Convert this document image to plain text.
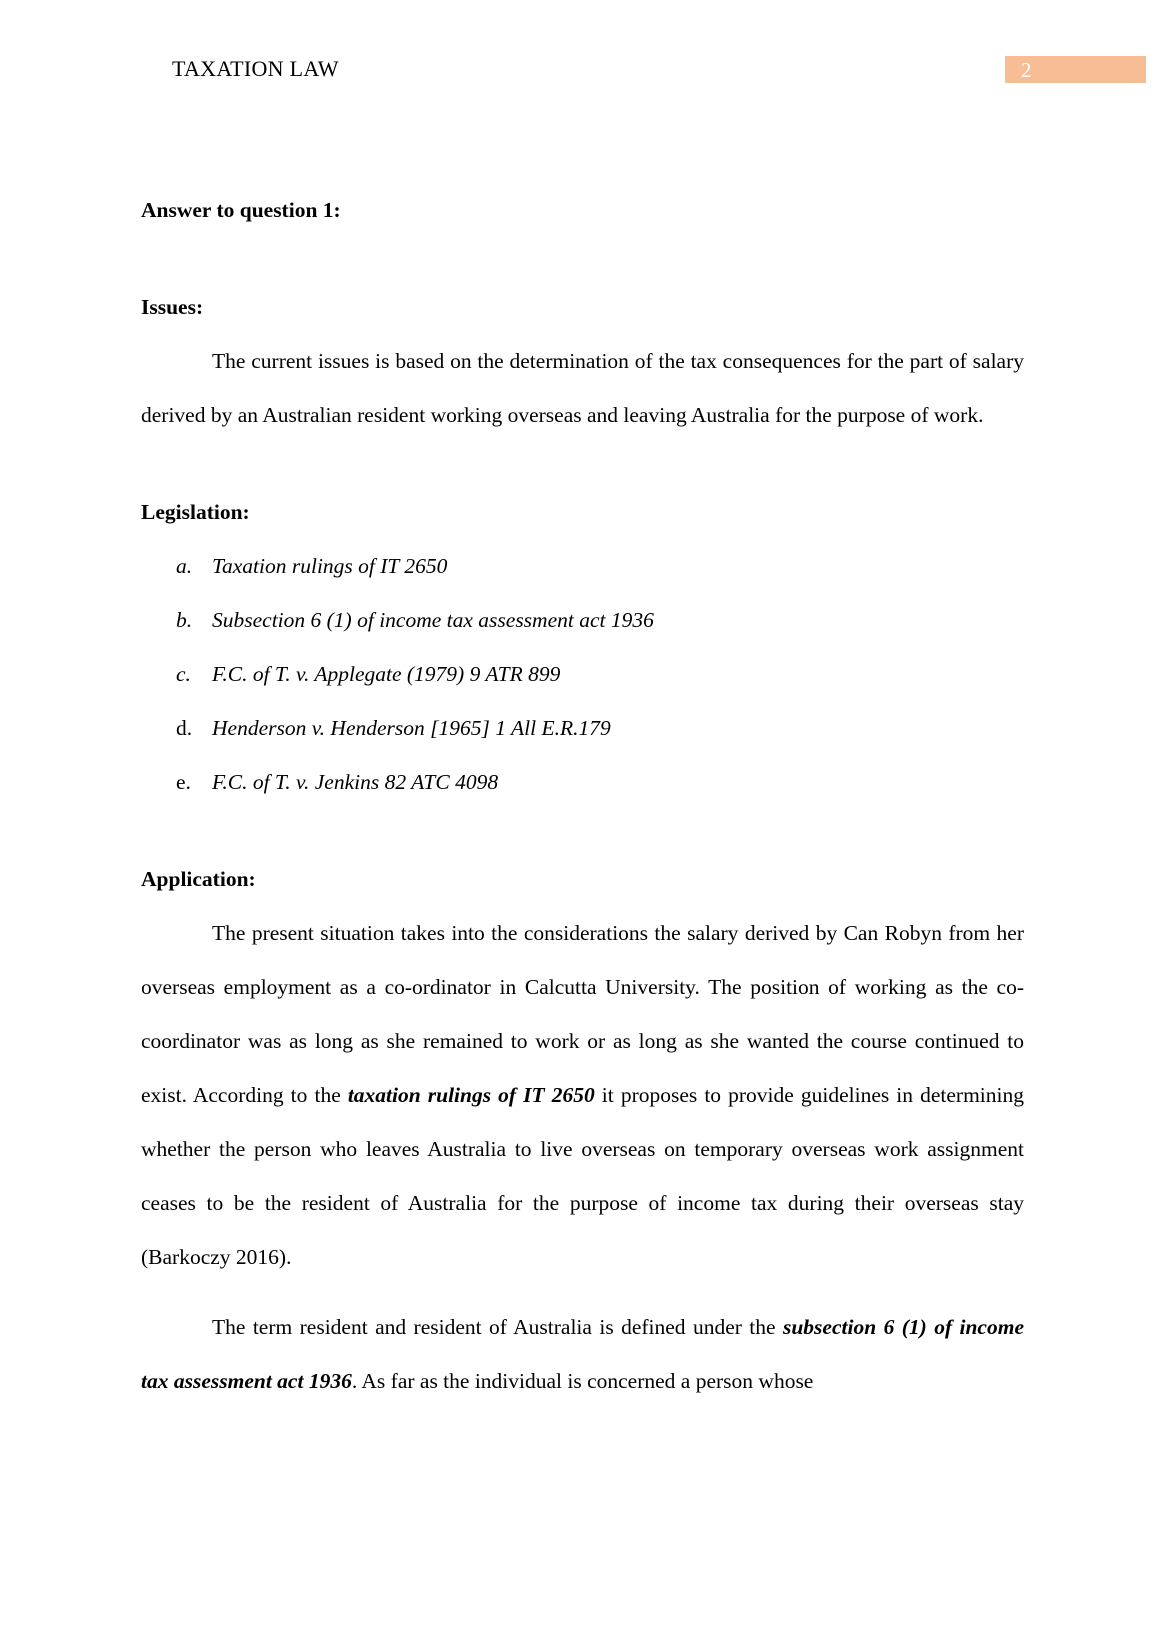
TAXATION LAW	2

Answer to question 1:

Issues:

The current issues is based on the determination of the tax consequences for the part of salary derived by an Australian resident working overseas and leaving Australia for the purpose of work.

Legislation:

a. Taxation rulings of IT 2650
b. Subsection 6 (1) of income tax assessment act 1936
c. F.C. of T. v. Applegate (1979) 9 ATR 899
d. Henderson v. Henderson [1965] 1 All E.R.179
e. F.C. of T. v. Jenkins 82 ATC 4098

Application:

The present situation takes into the considerations the salary derived by Can Robyn from her overseas employment as a co-ordinator in Calcutta University. The position of working as the co-coordinator was as long as she remained to work or as long as she wanted the course continued to exist. According to the taxation rulings of IT 2650 it proposes to provide guidelines in determining whether the person who leaves Australia to live overseas on temporary overseas work assignment ceases to be the resident of Australia for the purpose of income tax during their overseas stay (Barkoczy 2016).

The term resident and resident of Australia is defined under the subsection 6 (1) of income tax assessment act 1936. As far as the individual is concerned a person whose
